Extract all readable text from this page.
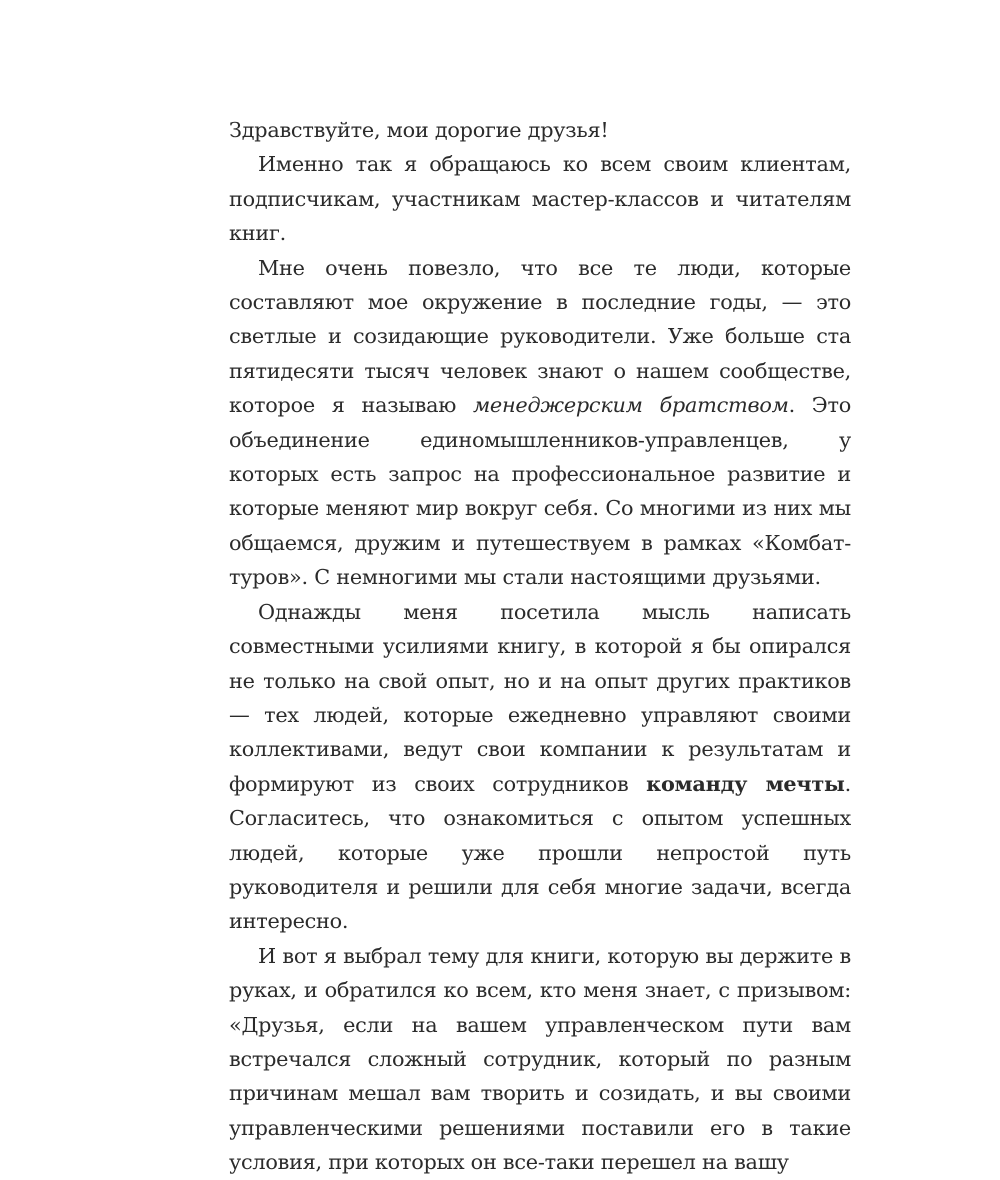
Здравствуйте, мои дорогие друзья!

Именно так я обращаюсь ко всем своим клиентам, подписчикам, участникам мастер-классов и читателям книг.

Мне очень повезло, что все те люди, которые составляют мое окружение в последние годы, — это светлые и созидающие руководители. Уже больше ста пятидесяти тысяч человек знают о нашем сообществе, которое я называю менеджерским братством. Это объединение единомышленников-управленцев, у которых есть запрос на профессиональное развитие и которые меняют мир вокруг себя. Со многими из них мы общаемся, дружим и путешествуем в рамках «Комбат-туров». С немногими мы стали настоящими друзьями.

Однажды меня посетила мысль написать совместными усилиями книгу, в которой я бы опирался не только на свой опыт, но и на опыт других практиков — тех людей, которые ежедневно управляют своими коллективами, ведут свои компании к результатам и формируют из своих сотрудников команду мечты. Согласитесь, что ознакомиться с опытом успешных людей, которые уже прошли непростой путь руководителя и решили для себя многие задачи, всегда интересно.

И вот я выбрал тему для книги, которую вы держите в руках, и обратился ко всем, кто меня знает, с призывом: «Друзья, если на вашем управленческом пути вам встречался сложный сотрудник, который по разным причинам мешал вам творить и созидать, и вы своими управленческими решениями поставили его в такие условия, при которых он все-таки перешел на вашу
